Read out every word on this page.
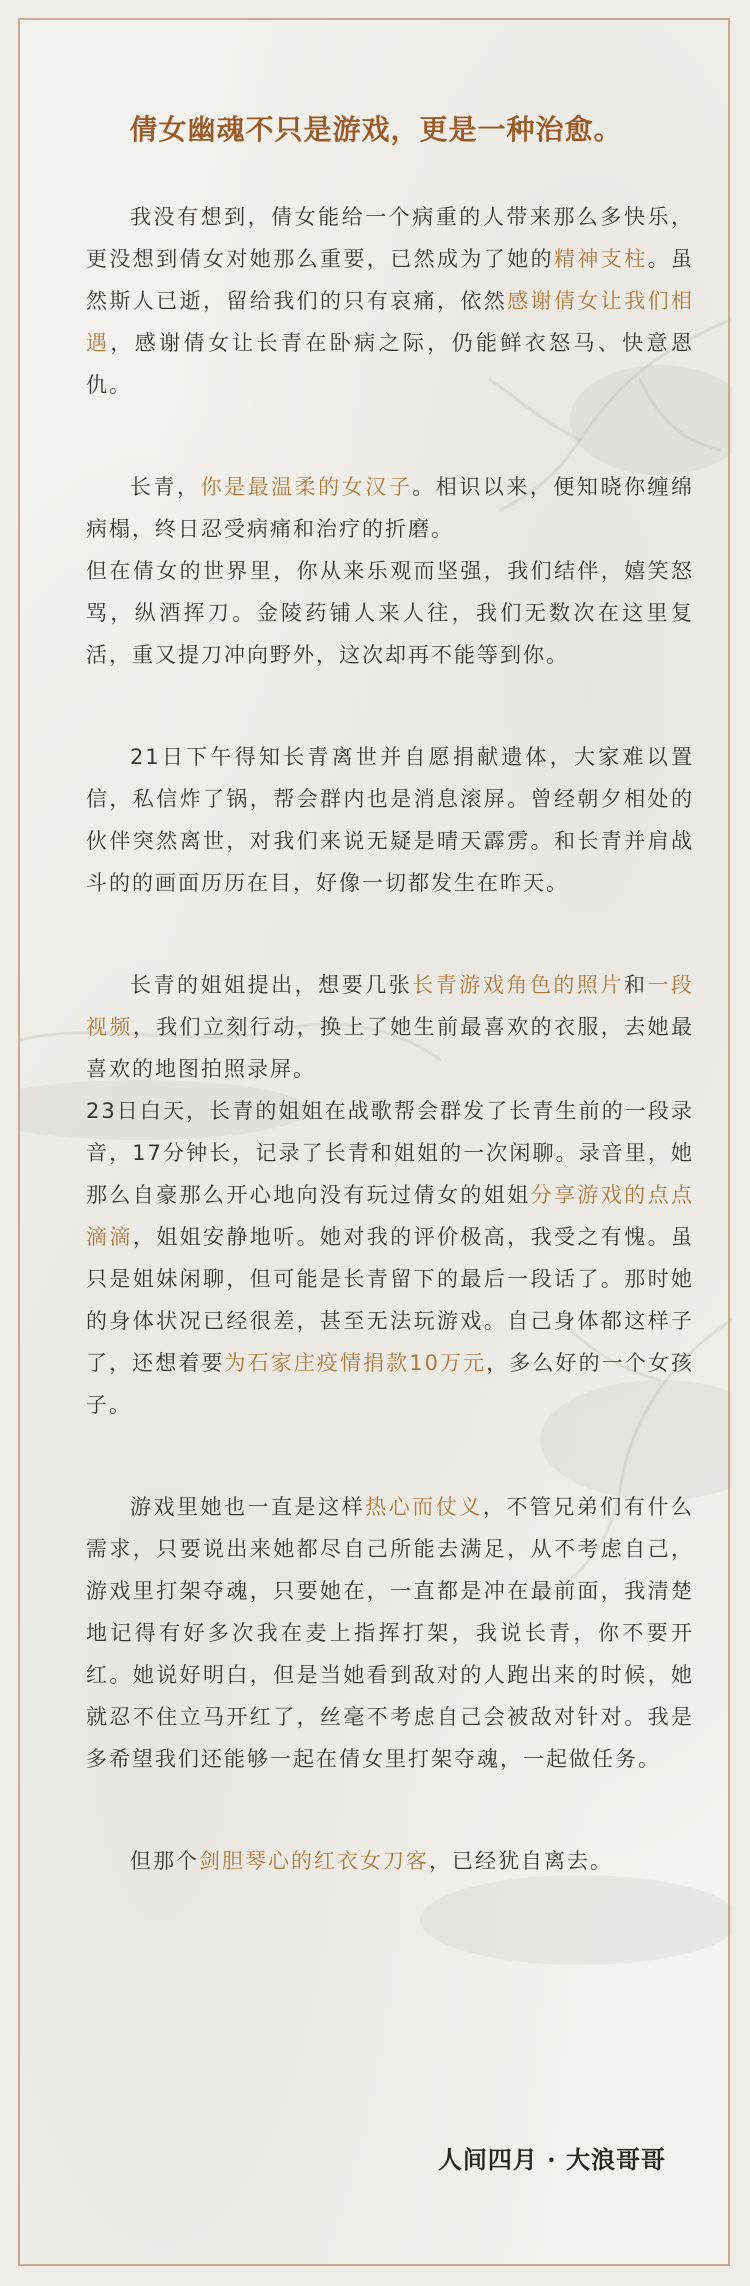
倩女幽魂不只是游戏，更是一种治愈。

我没有想到，倩女能给一个病重的人带来那么多快乐，更没想到倩女对她那么重要，已然成为了她的精神支柱。虽然斯人已逝，留给我们的只有哀痛，依然感谢倩女让我们相遇，感谢倩女让长青在卧病之际，仍能鲜衣怒马、快意恩仇。

长青，你是最温柔的女汉子。相识以来，便知晓你缠绵病榻，终日忍受病痛和治疗的折磨。

但在倩女的世界里，你从来乐观而坚强，我们结伴，嬉笑怒骂，纵酒挥刀。金陵药铺人来人往，我们无数次在这里复活，重又提刀冲向野外，这次却再不能等到你。

21日下午得知长青离世并自愿捐献遗体，大家难以置信，私信炸了锅，帮会群内也是消息滚屏。曾经朝夕相处的伙伴突然离世，对我们来说无疑是晴天霹雳。和长青并肩战斗的的画面历历在目，好像一切都发生在昨天。

长青的姐姐提出，想要几张长青游戏角色的照片和一段视频，我们立刻行动，换上了她生前最喜欢的衣服，去她最喜欢的地图拍照录屏。

23日白天，长青的姐姐在战歌帮会群发了长青生前的一段录音，17分钟长，记录了长青和姐姐的一次闲聊。录音里，她那么自豪那么开心地向没有玩过倩女的姐姐分享游戏的点点滴滴，姐姐安静地听。她对我的评价极高，我受之有愧。虽只是姐妹闲聊，但可能是长青留下的最后一段话了。那时她的身体状况已经很差，甚至无法玩游戏。自己身体都这样子了，还想着要为石家庄疫情捐款10万元，多么好的一个女孩子。

游戏里她也一直是这样热心而仗义，不管兄弟们有什么需求，只要说出来她都尽自己所能去满足，从不考虑自己，游戏里打架夺魂，只要她在，一直都是冲在最前面，我清楚地记得有好多次我在麦上指挥打架，我说长青，你不要开红。她说好明白，但是当她看到敌对的人跑出来的时候，她就忍不住立马开红了，丝毫不考虑自己会被敌对针对。我是多希望我们还能够一起在倩女里打架夺魂，一起做任务。

但那个剑胆琴心的红衣女刀客，已经犹自离去。

人间四月 · 大浪哥哥
